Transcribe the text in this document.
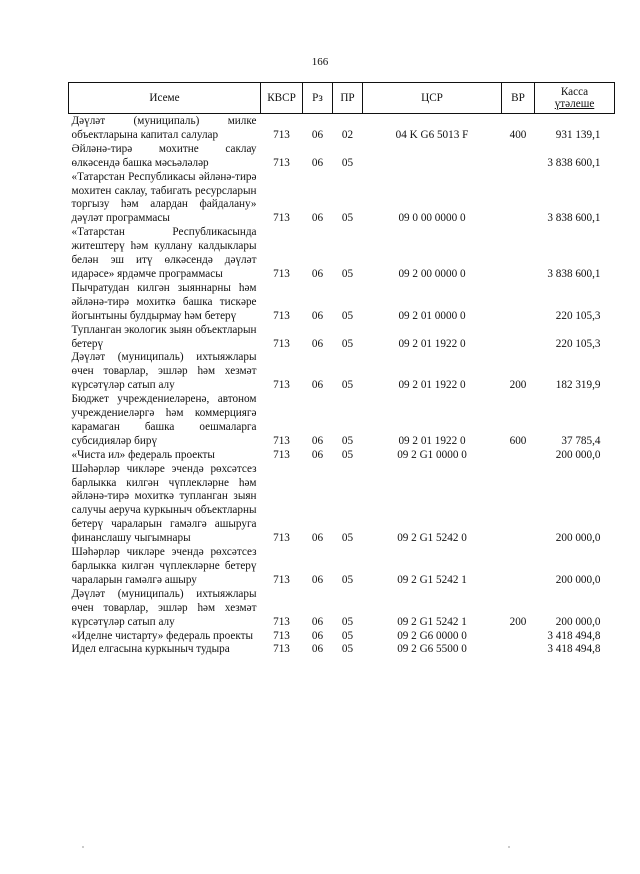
166
Исеме	КВСР	Рз	ПР	ЦСР	ВР	Касса
үтәлеше

Дәүләт (муниципаль) милке объектларына капитал салулар	713	06	02	04 K G6 5013 F	400	931 139,1
Әйләнә-тирә мохитне саклау өлкәсендә башка мәсьәләләр	713	06	05			3 838 600,1
«Татарстан Республикасы әйләнә-тирә мохитен саклау, табигать ресурсларын торгызу һәм алардан файдалану» дәүләт программасы	713	06	05	09 0 00 0000 0		3 838 600,1
«Татарстан Республикасында житештерү һәм куллану калдыклары белән эш итү өлкәсендә дәүләт идарәсе» ярдәмче программасы	713	06	05	09 2 00 0000 0		3 838 600,1
Пычратудан килгән зыяннарны һәм әйләнә-тирә мохиткә башка тискәре йогынтыны булдырмау һәм бетерү	713	06	05	09 2 01 0000 0		220 105,3
Тупланган экологик зыян объектларын бетерү	713	06	05	09 2 01 1922 0		220 105,3
Дәүләт (муниципаль) ихтыяжлары өчен товарлар, эшләр һәм хезмәт күрсәтүләр сатып алу	713	06	05	09 2 01 1922 0	200	182 319,9
Бюджет учреждениеләренә, автоном учреждениеләргә һәм коммерциягә карамаган башка оешмаларга субсидияләр бирү	713	06	05	09 2 01 1922 0	600	37 785,4
«Чиста ил» федераль проекты	713	06	05	09 2 G1 0000 0		200 000,0
Шәһәрләр чикләре эчендә рөхсәтсез барлыкка килгән чүплекләрне һәм әйләнә-тирә мохиткә тупланган зыян салучы аеруча куркыныч объектларны бетерү чараларын гамәлгә ашыруга финанслашу чыгымнары	713	06	05	09 2 G1 5242 0		200 000,0
Шәһәрләр чикләре эчендә рөхсәтсез барлыкка килгән чүплекләрне бетерү чараларын гамәлгә ашыру	713	06	05	09 2 G1 5242 1		200 000,0
Дәүләт (муниципаль) ихтыяжлары өчен товарлар, эшләр һәм хезмәт күрсәтүләр сатып алу	713	06	05	09 2 G1 5242 1	200	200 000,0
«Иделне чистарту» федераль проекты	713	06	05	09 2 G6 0000 0		3 418 494,8
Идел елгасына куркыныч тудыра	713	06	05	09 2 G6 5500 0		3 418 494,8
